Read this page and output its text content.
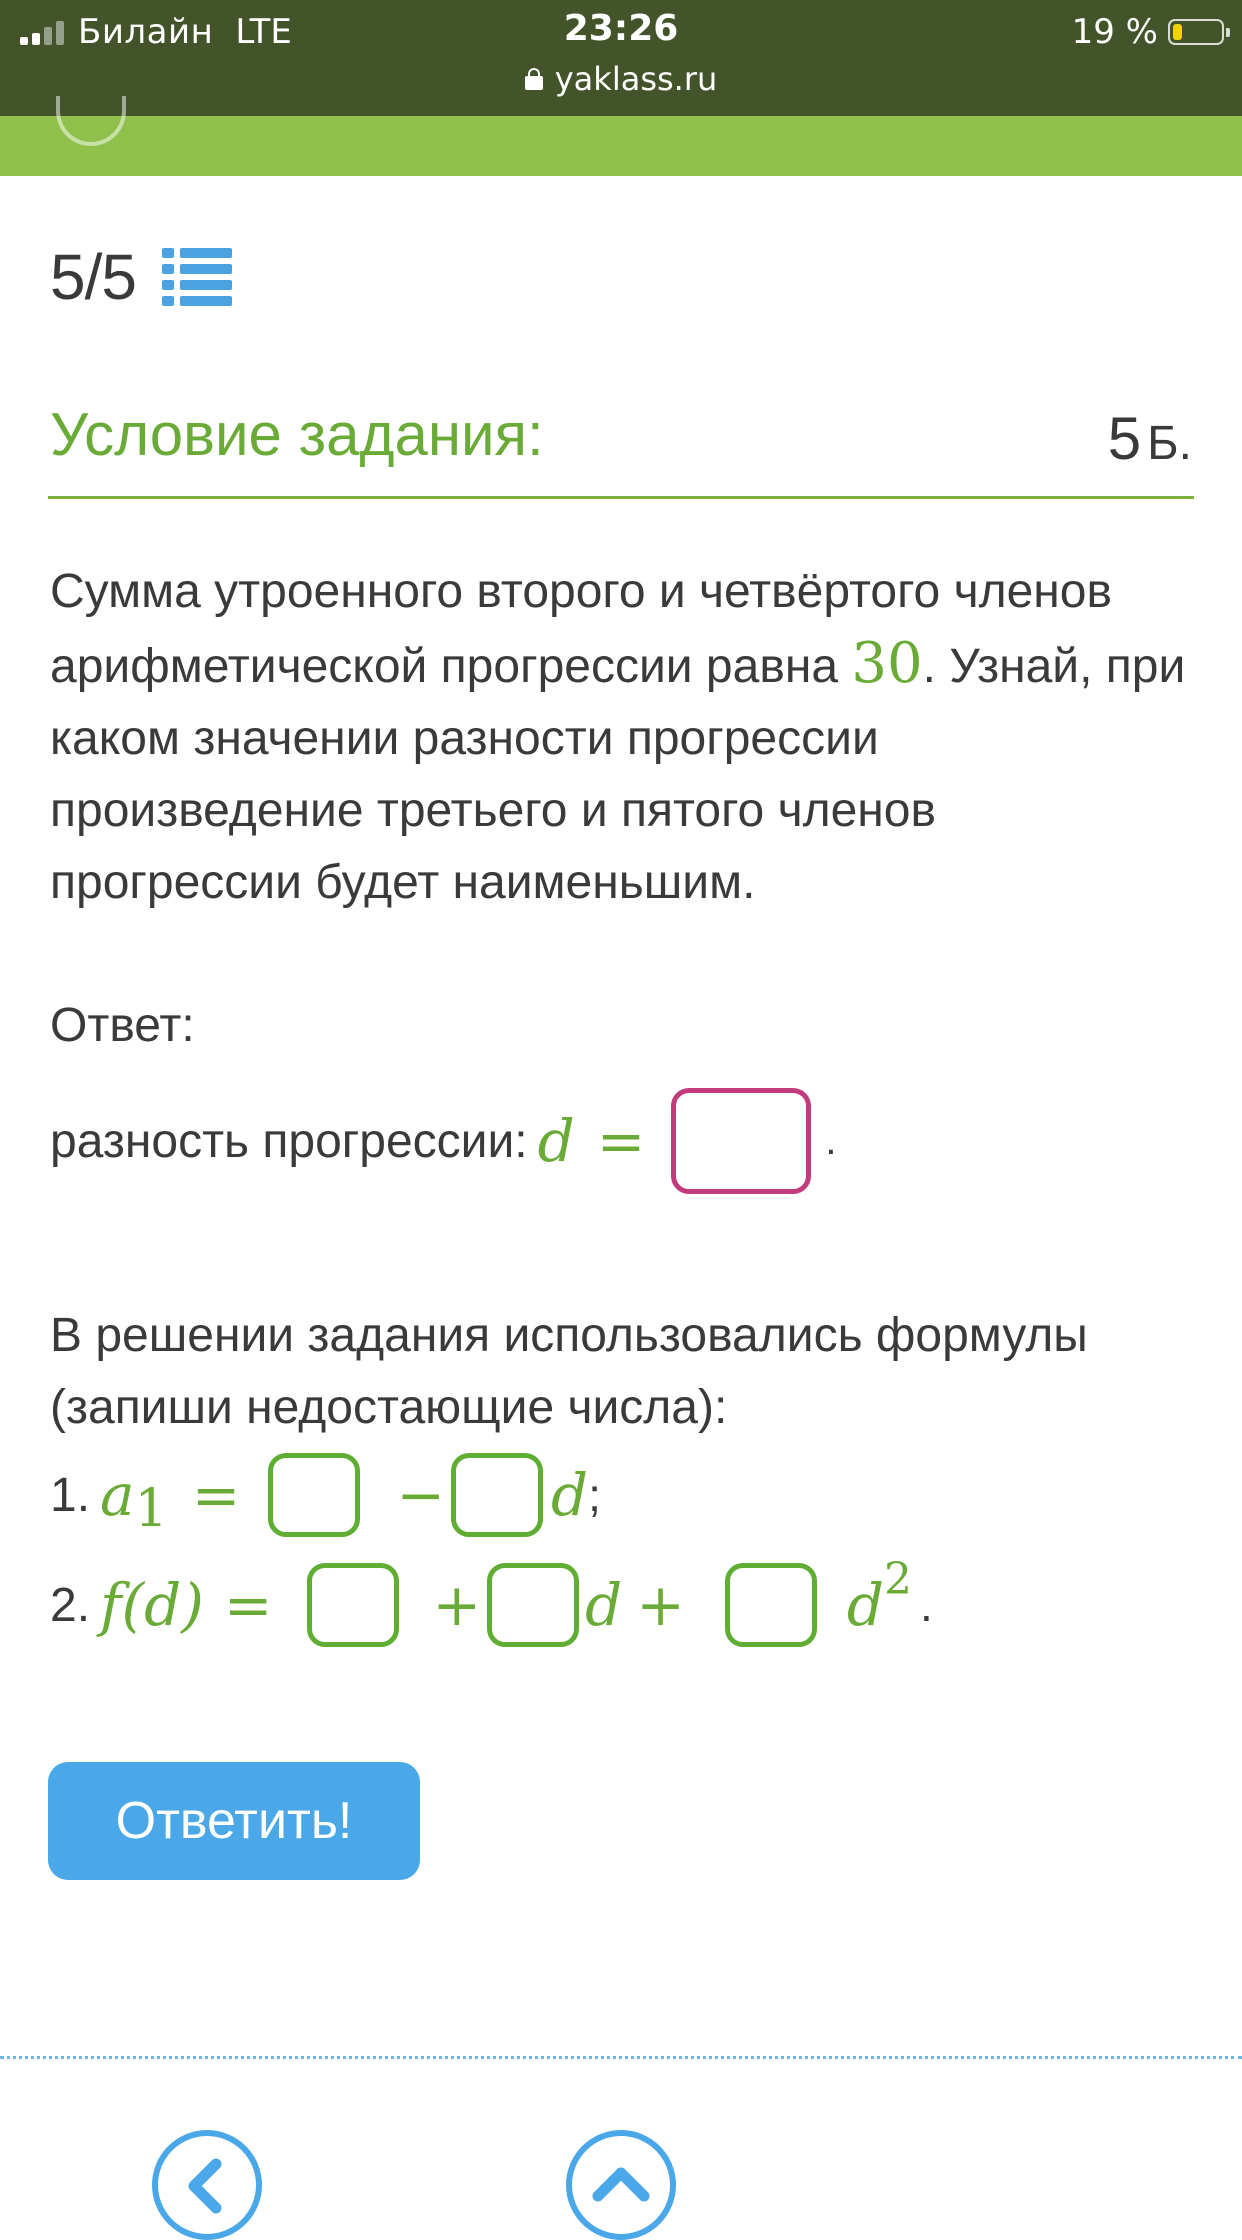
Билайн LTE	23:26	19 %
yaklass.ru
5/5
Условие задания:	5 Б.
Сумма утроенного второго и четвёртого членов арифметической прогрессии равна 30. Узнай, при каком значении разности прогрессии произведение третьего и пятого членов прогрессии будет наименьшим.
Ответ:
разность прогрессии: d =	.
В решении задания использовались формулы (запиши недостающие числа):
1. a 1 =	− d ;
2. f(d) =	+ d +	d 2 .
Ответить!
